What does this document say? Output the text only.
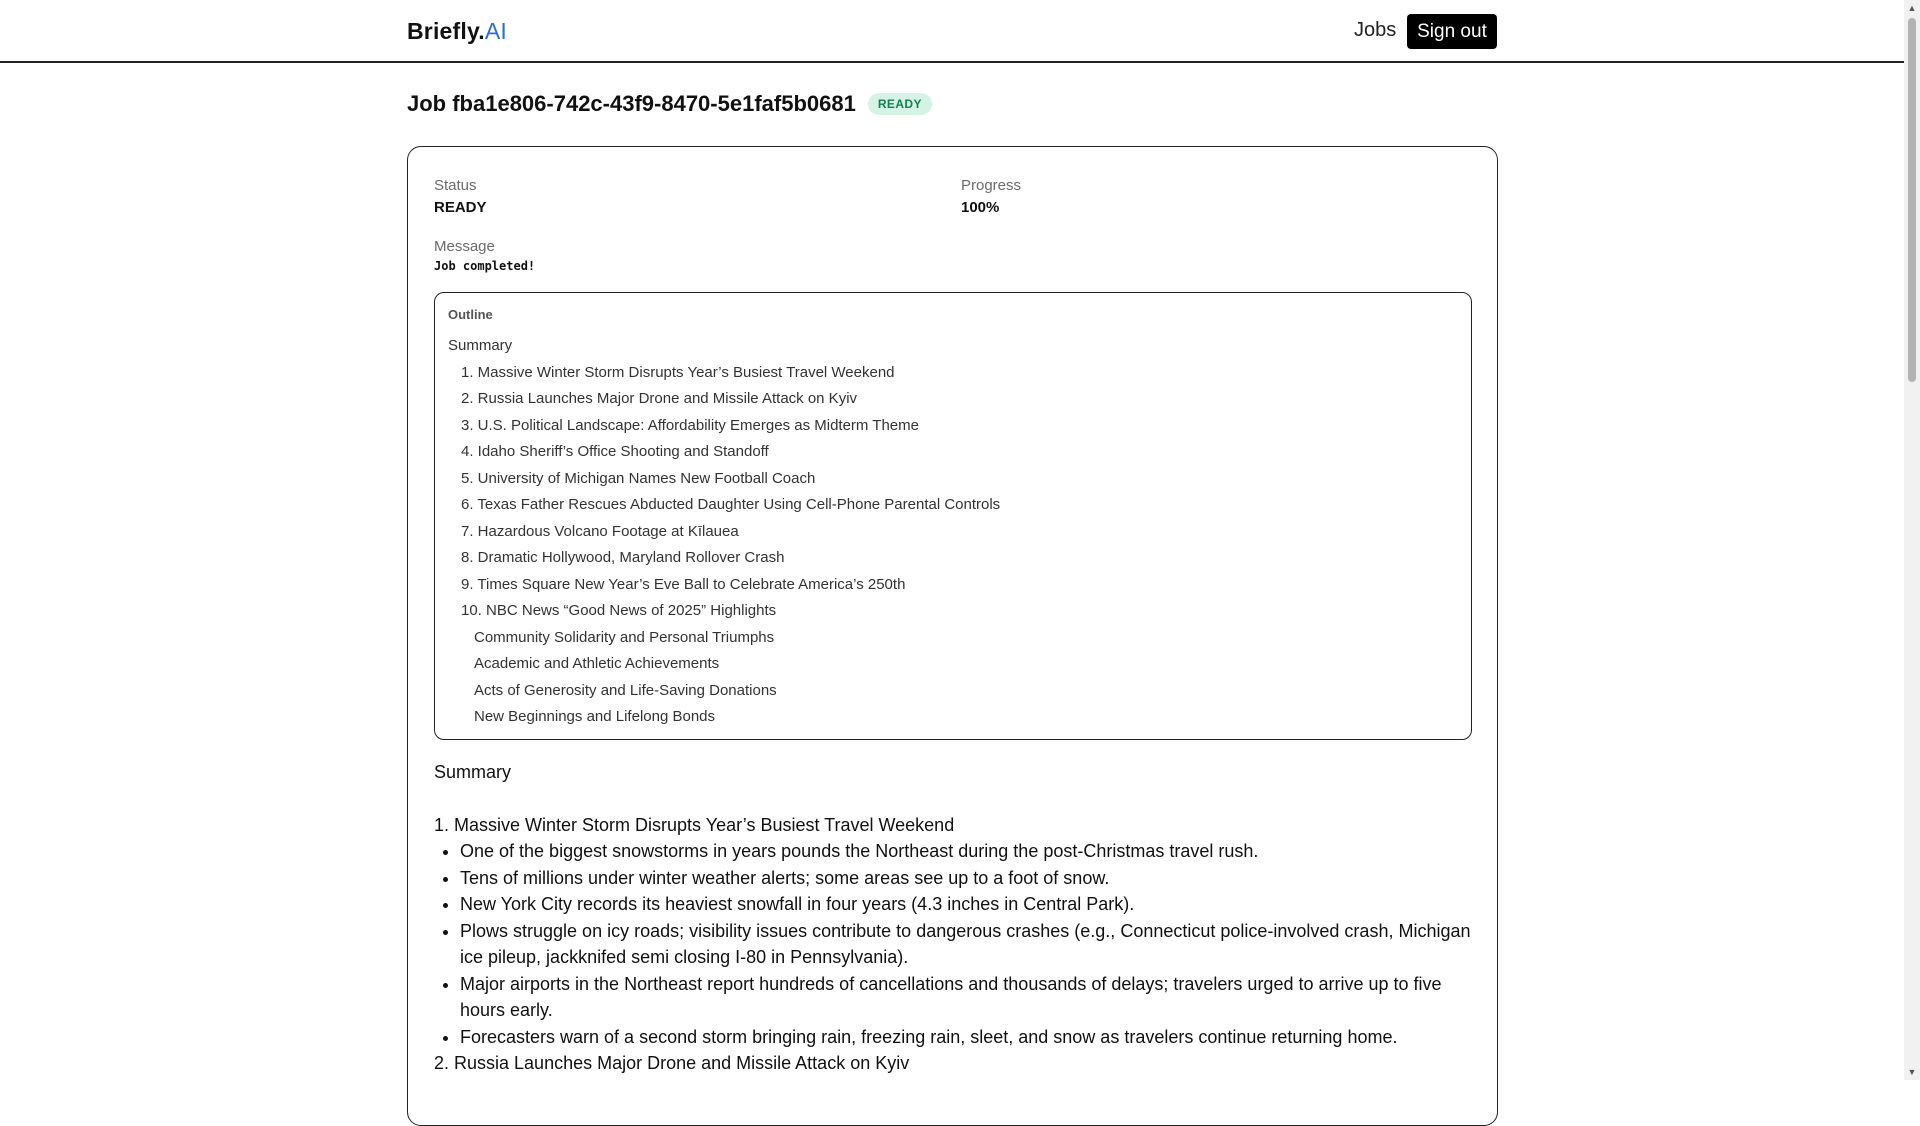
Briefly.AI	Jobs	Sign out
▲
▼
Job fba1e806-742c-43f9-8470-5e1faf5b0681	READY
Status
READY
Progress
100%
Message
Job completed!
Outline
Summary
1. Massive Winter Storm Disrupts Year’s Busiest Travel Weekend
2. Russia Launches Major Drone and Missile Attack on Kyiv
3. U.S. Political Landscape: Affordability Emerges as Midterm Theme
4. Idaho Sheriff’s Office Shooting and Standoff
5. University of Michigan Names New Football Coach
6. Texas Father Rescues Abducted Daughter Using Cell-Phone Parental Controls
7. Hazardous Volcano Footage at Kīlauea
8. Dramatic Hollywood, Maryland Rollover Crash
9. Times Square New Year’s Eve Ball to Celebrate America’s 250th
10. NBC News “Good News of 2025” Highlights
Community Solidarity and Personal Triumphs
Academic and Athletic Achievements
Acts of Generosity and Life-Saving Donations
New Beginnings and Lifelong Bonds
Summary
1. Massive Winter Storm Disrupts Year’s Busiest Travel Weekend
• One of the biggest snowstorms in years pounds the Northeast during the post-Christmas travel rush.
• Tens of millions under winter weather alerts; some areas see up to a foot of snow.
• New York City records its heaviest snowfall in four years (4.3 inches in Central Park).
• Plows struggle on icy roads; visibility issues contribute to dangerous crashes (e.g., Connecticut police-involved crash, Michigan ice pileup, jackknifed semi closing I-80 in Pennsylvania).
• Major airports in the Northeast report hundreds of cancellations and thousands of delays; travelers urged to arrive up to five hours early.
• Forecasters warn of a second storm bringing rain, freezing rain, sleet, and snow as travelers continue returning home.
2. Russia Launches Major Drone and Missile Attack on Kyiv
